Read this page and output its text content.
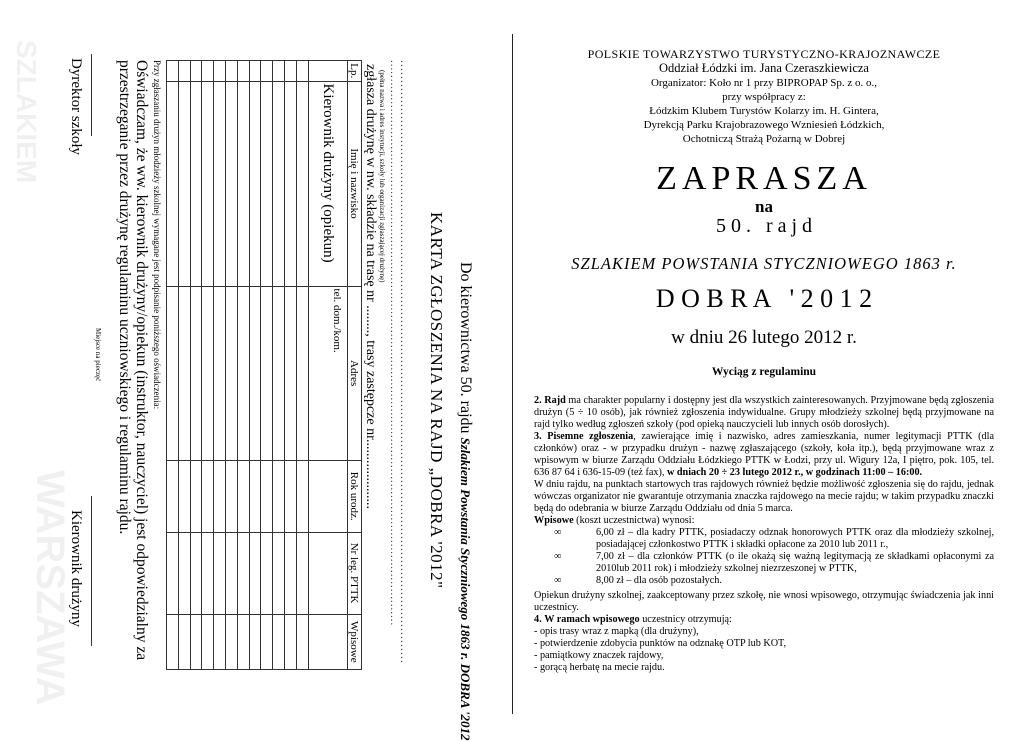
WARSZAWA
SZLAKIEM
Do kierownictwa 50. rajdu Szlakiem Powstania Styczniowego 1863 r. DOBRA '2012
KARTA ZGŁOSZENIA NA RAJD „DOBRA '2012"
.......................................................................................................................................................
.......................................................................................................................................................
(pełna nazwa i adres instytucji, szkoły lub organizacji zgłaszającej drużynę)
zgłasza drużynę w nw. składzie na trasę nr ........, trasy zastępcze nr....................
Lp.	Imię i nazwisko	Adres	Rok urodz.	Nr leg. PTTK	Wpisowe
	Kierownik drużyny (opiekun)	tel. dom./kom.			

Przy zgłaszaniu drużyn młodzieży szkolnej wymagane jest podpisanie poniższego oświadczenia:
Oświadczam, że ww. kierownik drużyny/opiekun (instruktor, nauczyciel) jest odpowiedzialny za przestrzeganie przez drużynę regulaminu uczniowskiego i regulaminu rajdu.
Miejsce na pieczęć
Dyrektor szkoły
Kierownik drużyny
POLSKIE TOWARZYSTWO TURYSTYCZNO-KRAJOZNAWCZE
Oddział Łódzki im. Jana Czeraszkiewicza
Organizator: Koło nr 1 przy BIPROPAP Sp. z o. o.,
przy współpracy z:
Łódzkim Klubem Turystów Kolarzy im. H. Gintera,
Dyrekcją Parku Krajobrazowego Wzniesień Łódzkich,
Ochotniczą Strażą Pożarną w Dobrej
ZAPRASZA
na
5 0 .   r a j d
SZLAKIEM POWSTANIA STYCZNIOWEGO 1863 r.
D O B R A   ' 2 0 1 2
w dniu 26 lutego 2012 r.
Wyciąg z regulaminu

2. Rajd ma charakter popularny i dostępny jest dla wszystkich zainteresowanych. Przyjmowane będą zgłoszenia drużyn (5 ÷ 10 osób), jak również zgłoszenia indywidualne. Grupy młodzieży szkolnej będą przyjmowane na rajd tylko według zgłoszeń szkoły (pod opieką nauczycieli lub innych osób dorosłych).

3. Pisemne zgłoszenia, zawierające imię i nazwisko, adres zamieszkania, numer legitymacji PTTK (dla członków) oraz - w przypadku drużyn - nazwę zgłaszającego (szkoły, koła itp.), będą przyjmowane wraz z wpisowym w biurze Zarządu Oddziału Łódzkiego PTTK w Łodzi, przy ul. Wigury 12a, I piętro, pok. 105, tel. 636 87 64 i 636-15-09 (też fax), w dniach 20 ÷ 23 lutego 2012 r., w godzinach 11:00 – 16:00.

W dniu rajdu, na punktach startowych tras rajdowych również będzie możliwość zgłoszenia się do rajdu, jednak wówczas organizator nie gwarantuje otrzymania znaczka rajdowego na mecie rajdu; w takim przypadku znaczki będą do odebrania w biurze Zarządu Oddziału od dnia 5 marca.

Wpisowe (koszt uczestnictwa) wynosi:

∞	6,00 zł – dla kadry PTTK, posiadaczy odznak honorowych PTTK oraz dla młodzieży szkolnej, posiadającej członkostwo PTTK i składki opłacone za 2010 lub 2011 r.,

∞	7,00 zł – dla członków PTTK (o ile okażą się ważną legitymacją ze składkami opłaconymi za 2010lub 2011 rok) i młodzieży szkolnej niezrzeszonej w PTTK,

∞	8,00 zł – dla osób pozostałych.

Opiekun drużyny szkolnej, zaakceptowany przez szkołę, nie wnosi wpisowego, otrzymując świadczenia jak inni uczestnicy.

4. W ramach wpisowego uczestnicy otrzymują:

- opis trasy wraz z mapką (dla drużyny),

- potwierdzenie zdobycia punktów na odznakę OTP lub KOT,

- pamiątkowy znaczek rajdowy,

- gorącą herbatę na mecie rajdu.
